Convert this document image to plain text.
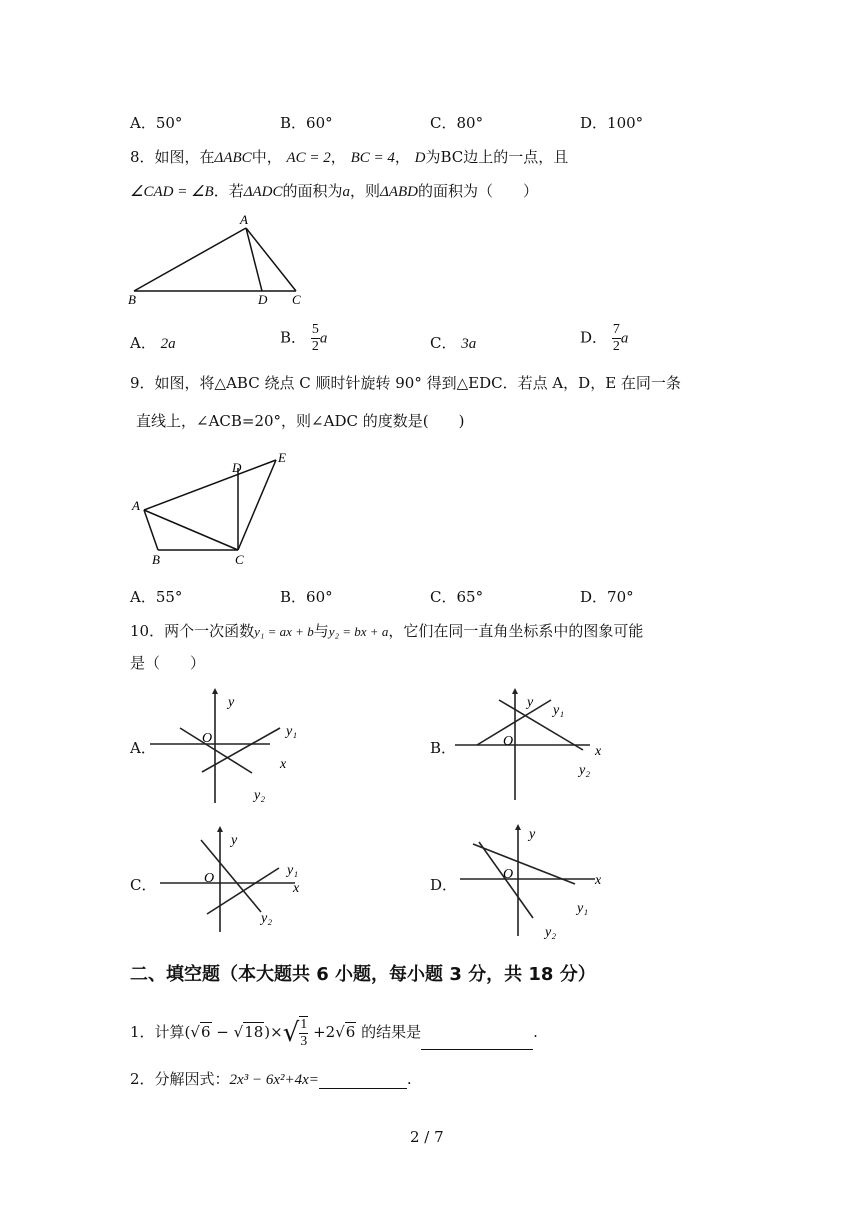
A．50°	B．60°	C．80°	D．100°
8．如图，在ΔABC中， AC = 2， BC = 4， D为BC边上的一点，且
∠CAD = ∠B．若ΔADC的面积为a，则ΔABD的面积为（　　）
A
B	D C
A． 2a	B． $\frac{5}{2}$ a	C． 3a	D． $\frac{7}{2}$ a
9．如图，将△ABC 绕点 C 顺时针旋转 90° 得到△EDC．若点 A，D，E 在同一条
直线上，∠ACB=20°，则∠ADC 的度数是(　　)
D
E
A
B	C
A．55°	B．60°	C．65°	D．70°
10．两个一次函数y₁ = ax + b与y₂ = bx + a，它们在同一直角坐标系中的图象可能
是（　　）
A．
y
x
O	y₁
y₂
B．
y
x
O
y₁
y₂
C．
y
x
O
y₁
y₂
D．
y
x
O
y₁
y₂
二、填空题（本大题共 6 小题，每小题 3 分，共 18 分）
1．计算$(√6 - √18)\times√ \frac{1}{3} +2√6$ 的结果是	.
2．分解因式：2x³ − 6x²+4x=	.
2 / 7
